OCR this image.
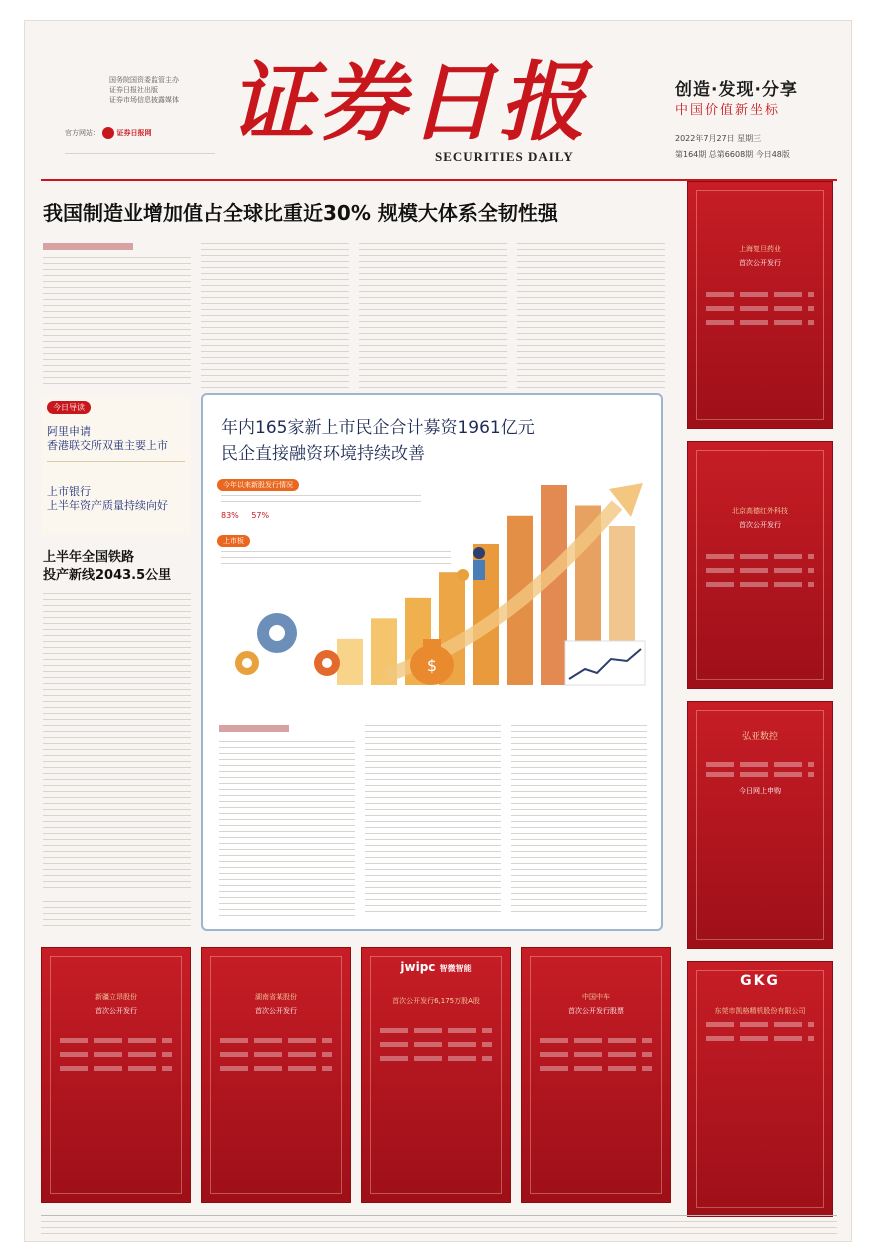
国务院国资委监管主办
证券日报社出版
证券市场信息披露媒体
官方网站： 证券日报网 证券日报
SECURITIES DAILY
创造·发现·分享
中国价值新坐标
2022年7月27日 星期三
第164期 总第6608期 今日48版
我国制造业增加值占全球比重近30% 规模大体系全韧性强
今日导读
阿里申请
香港联交所双重主要上市
上市银行
上半年资产质量持续向好
上半年全国铁路
投产新线2043.5公里
年内165家新上市民企合计募资1961亿元
民企直接融资环境持续改善
今年以来新股发行情况
83% 57%
上市板
$
上海复旦药业
首次公开发行
北京高德红外科技
首次公开发行
弘亚数控
今日网上申购
GKG
东莞市凯格精机股份有限公司
新疆立昂股份
首次公开发行
湖南省某股份
首次公开发行
jwipc 智微智能
首次公开发行6,175万股A股	中国中车
首次公开发行股票
